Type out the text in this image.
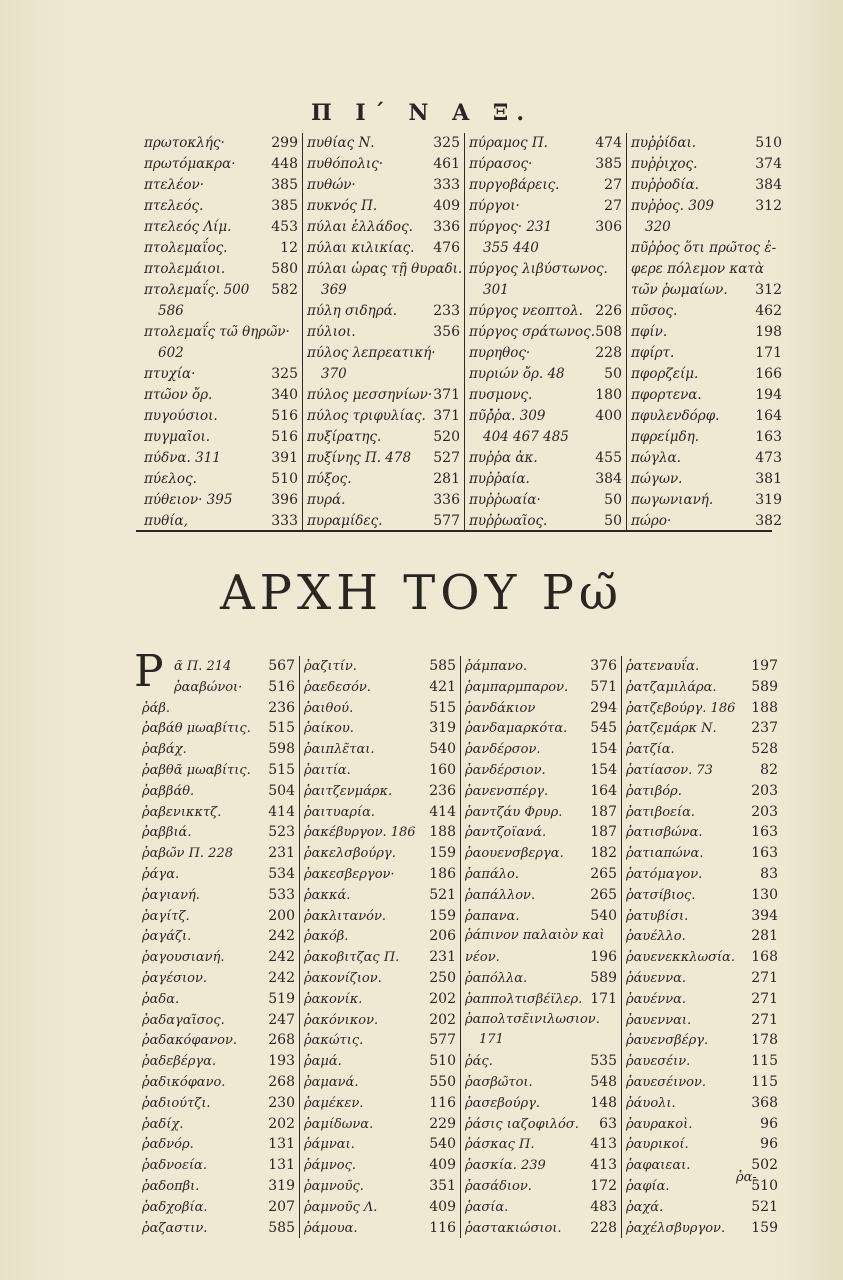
Π Ι΄ Ν Α Ξ.
πρωτοκλής·	299
πρωτόμακρα·	448
πτελέον·	385
πτελεός.	385
πτελεός Λίμ.	453
πτολεμαΐος.	12
πτολεμάιοι.	580
πτολεμαΐς. 500 582
586
πτολεμαΐς τω̃ θηρω̃ν·
602
πτυχία·	325
πτω̃ον ὄρ.	340
πυγούσιοι.	516
πυγμαι̃οι.	516
πύδνα. 311	391
πύελος.	510
πύθειον· 395	396
πυθία,	333
πυθίας Ν.	325
πυθόπολις·	461
πυθών·	333
πυκνός Π.	409
πύλαι ἑλλάδος. 336
πύλαι κιλικίας. 476
πύλαι ὡρας τῃ̃ θυραδι.
369
πύλη σιδηρά.	233
πύλιοι.	356
πύλος λεπρεατική·
370
πύλος μεσσηνίων· 371
πύλος τριφυλίας. 371
πυξίρατης.	520
πυξίνης Π. 478 527
πύξος.	281
πυρά.	336
πυραμίδες.	577
πύραμος Π.	474
πύρασος·	385
πυργοβάρεις.	27
πύργοι·	27
πύργος· 231	306
355 440
πύργος λιβύστωνος.
301
πύργος νεοπτολ. 226
πύργος σράτωνος. 508
πυρηθος·	228
πυριών ὄρ. 48	50
πυσμονς.	180
πυ̃ῤ̓ῥα. 309	400
404 467 485
πυῤῥα ἀκ.	455
πυῤῥαία.	384
πυῤῥωαία·	50
πυῤῥωαι̃ος.	50
πυῤῥίδαι.	510
πυῤῥιχος.	374
πυῤῥοδία.	384
πυῤῥος. 309	312
320
πυ̃ῤῥος ὅτι πρω̃τος ἐ-
φερε πόλεμον κατὰ
τω̃ν ῥωμαίων. 312
πυ̃σος.	462
πφίν.	198
πφίρτ.	171
πφορζείμ.	166
πφορτενα.	194
πφυλενδόρφ.	164
πφρείμδη.	163
πώγλα.	473
πώγων.	381
πωγωνιανή.	319
πώρο·	382
ΑΡΧΗ ΤΟΥ Ρω̃
Ρ ᾶ Π. 214	567
ῥααβώνοι· 516
ῥάβ.	236
ῥαβάθ μωαβίτις. 515
ῥαβάχ.	598
ῥαβθᾶ μωαβίτις. 515
ῥαββάθ.	504
ῥαβενικκτζ.	414
ῥαββιά.	523
ῥαβω̃ν Π. 228	231
ῥάγα.	534
ῥαγιανή.	533
ῥαγίτζ.	200
ῥαγάζι.	242
ῥαγουσιανή.	242
ῥαγέσιον.	242
ῥαδα.	519
ῥαδαγαι̃σος.	247
ῥαδακόφανον. 268
ῥαδεβέργα.	193
ῥαδικόφανο.	268
ῥαδιούτζι.	230
ῥαδίχ.	202
ῥαδνόρ.	131
ῥαδνοεία.	131
ῥαδοπβι.	319
ῥαδχοβία.	207
ῥαζαστιν.	585
ῥαζιτίν.	585
ῥαεδεσόν.	421
ῥαιθού.	515
ῥαίκου.	319
ῥαιπλε̃ται.	540
ῥαιτία.	160
ῥαιτζενμάρκ.	236
ῥαιτυαρία.	414
ῥακέβυργον. 186 188
ῥακελσβούργ. 159
ῥακεσβεργον· 186
ῥακκά.	521
ῥακλιτανόν.	159
ῥακόβ.	206
ῥακοβιτζας Π. 231
ῥακονίζιον.	250
ῥακονίκ.	202
ῥακόνικον.	202
ῥακώτις.	577
ῥαμά.	510
ῥαμανά.	550
ῥαμέκεν.	116
ῥαμίδωνα.	229
ῥάμναι.	540
ῥάμνος.	409
ῥαμνου̃ς.	351
ῥαμνου̃ς Λ.	409
ῥάμουα.	116
ῥάμπανο.	376
ῥαμπαρμπαρον. 571
ῥανδάκιον	294
ῥανδαμαρκότα. 545
ῥανδέρσον.	154
ῥανδέρσιον.	154
ῥανενσπέργ.	164
ῥαντζάυ Φρυρ. 187
ῥαντζοϊανά.	187
ῥαουενσβεργα. 182
ῥαπάλο.	265
ῥαπάλλον.	265
ῥαπανα.	540
ῥάπινον παλαιὸν καὶ
νέον.	196
ῥαπόλλα.	589
ῥαππολτισβέϊλερ. 171
ῥαπολτσε̃ινιλωσιον.
171
ῥάς.	535
ῥασβω̃τοι.	548
ῥασεβούργ.	148
ῥάσις ιαζοφιλόσ. 63
ῥάσκας Π.	413
ῥασκία. 239	413
ῥασάδιον.	172
ῥασία.	483
ῥαστακιώσιοι. 228
ῥατεναυΐα.	197
ῥατζαμιλάρα. 589
ῥατζεβούργ. 186 188
ῥατζεμάρκ Ν. 237
ῥατζία.	528
ῥατίασον. 73	82
ῥατιβόρ.	203
ῥατιβοεία.	203
ῥατισβώνα.	163
ῥατιαπώνα.	163
ῥατόμαγον.	83
ῥατσίβιος.	130
ῥατυβίσι.	394
ῥαυέλλο.	281
ῥαυενεκκλωσία. 168
ῥάυεννα.	271
ῥαυέννα.	271
ῥαυενναι.	271
ῥαυενσβέργ.	178
ῥαυεσέιν.	115
ῥαυεσέινον.	115
ῥάυολι.	368
ῥαυρακοὶ.	96
ῥαυρικοί.	96
ῥαφαιεαι.	502
ῥαφία.	510
ῥαχά.	521
ῥαχέλσβυργον. 159
ῥα-
